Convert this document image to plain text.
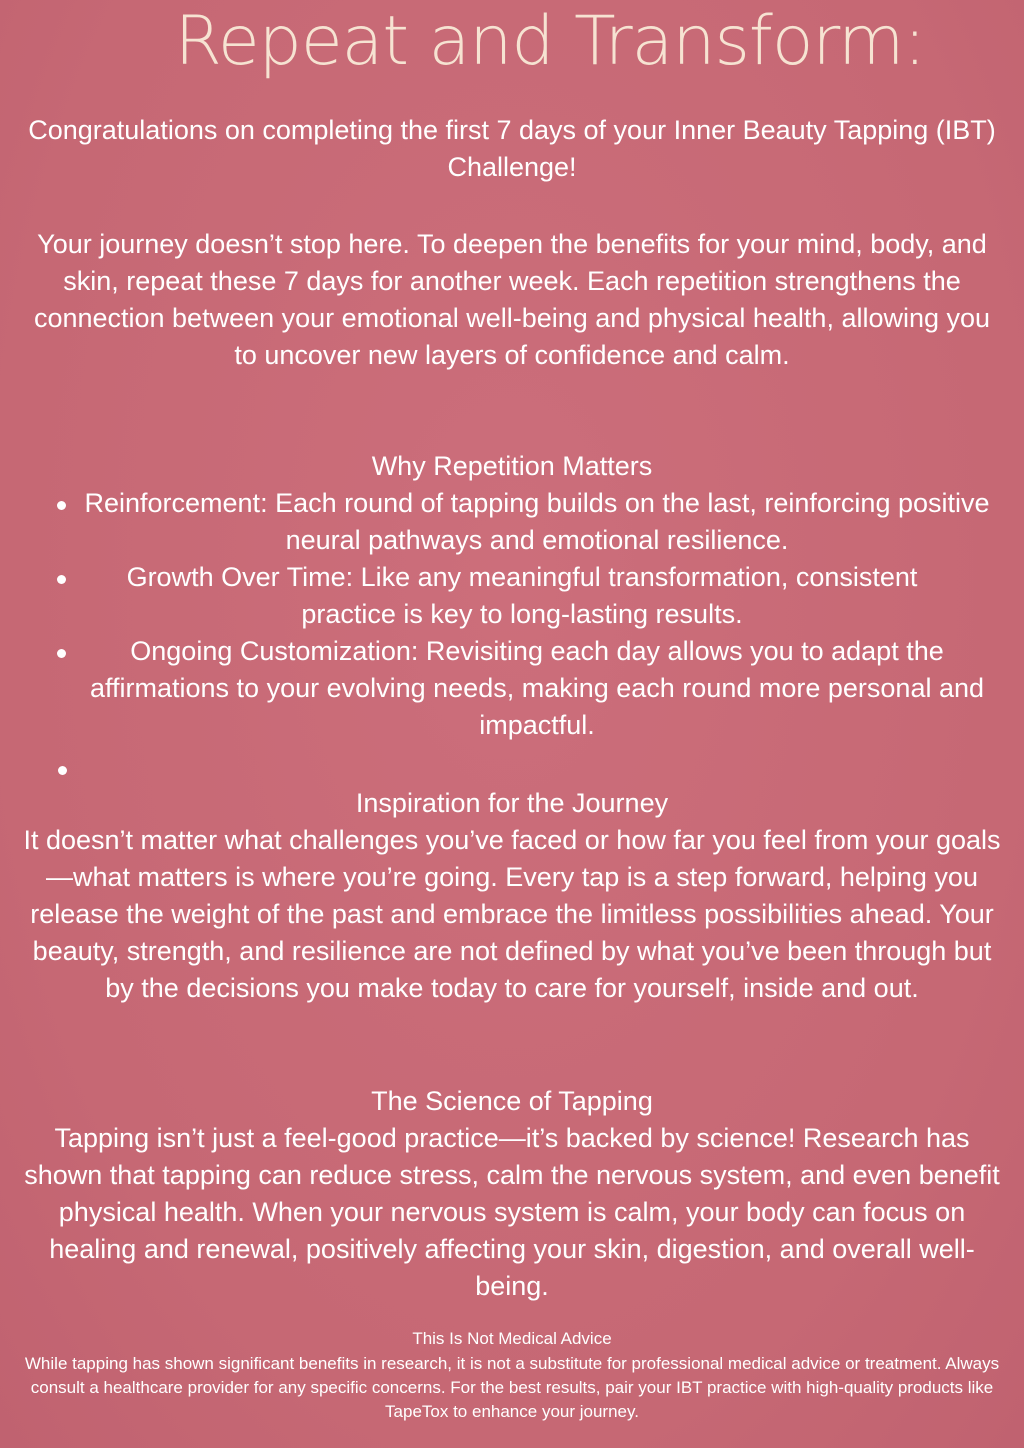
Repeat and Transform:
Congratulations on completing the first 7 days of your Inner Beauty Tapping (IBT) Challenge!
Your journey doesn’t stop here. To deepen the benefits for your mind, body, and skin, repeat these 7 days for another week. Each repetition strengthens the connection between your emotional well-being and physical health, allowing you to uncover new layers of confidence and calm.
Why Repetition Matters
Reinforcement: Each round of tapping builds on the last, reinforcing positive neural pathways and emotional resilience.
Growth Over Time: Like any meaningful transformation, consistent practice is key to long-lasting results.
Ongoing Customization: Revisiting each day allows you to adapt the affirmations to your evolving needs, making each round more personal and impactful.
Inspiration for the Journey
It doesn’t matter what challenges you’ve faced or how far you feel from your goals—what matters is where you’re going. Every tap is a step forward, helping you release the weight of the past and embrace the limitless possibilities ahead. Your beauty, strength, and resilience are not defined by what you’ve been through but by the decisions you make today to care for yourself, inside and out.
The Science of Tapping
Tapping isn’t just a feel-good practice—it’s backed by science! Research has shown that tapping can reduce stress, calm the nervous system, and even benefit physical health. When your nervous system is calm, your body can focus on healing and renewal, positively affecting your skin, digestion, and overall well-being.
This Is Not Medical Advice
While tapping has shown significant benefits in research, it is not a substitute for professional medical advice or treatment. Always consult a healthcare provider for any specific concerns. For the best results, pair your IBT practice with high-quality products like TapeTox to enhance your journey.
